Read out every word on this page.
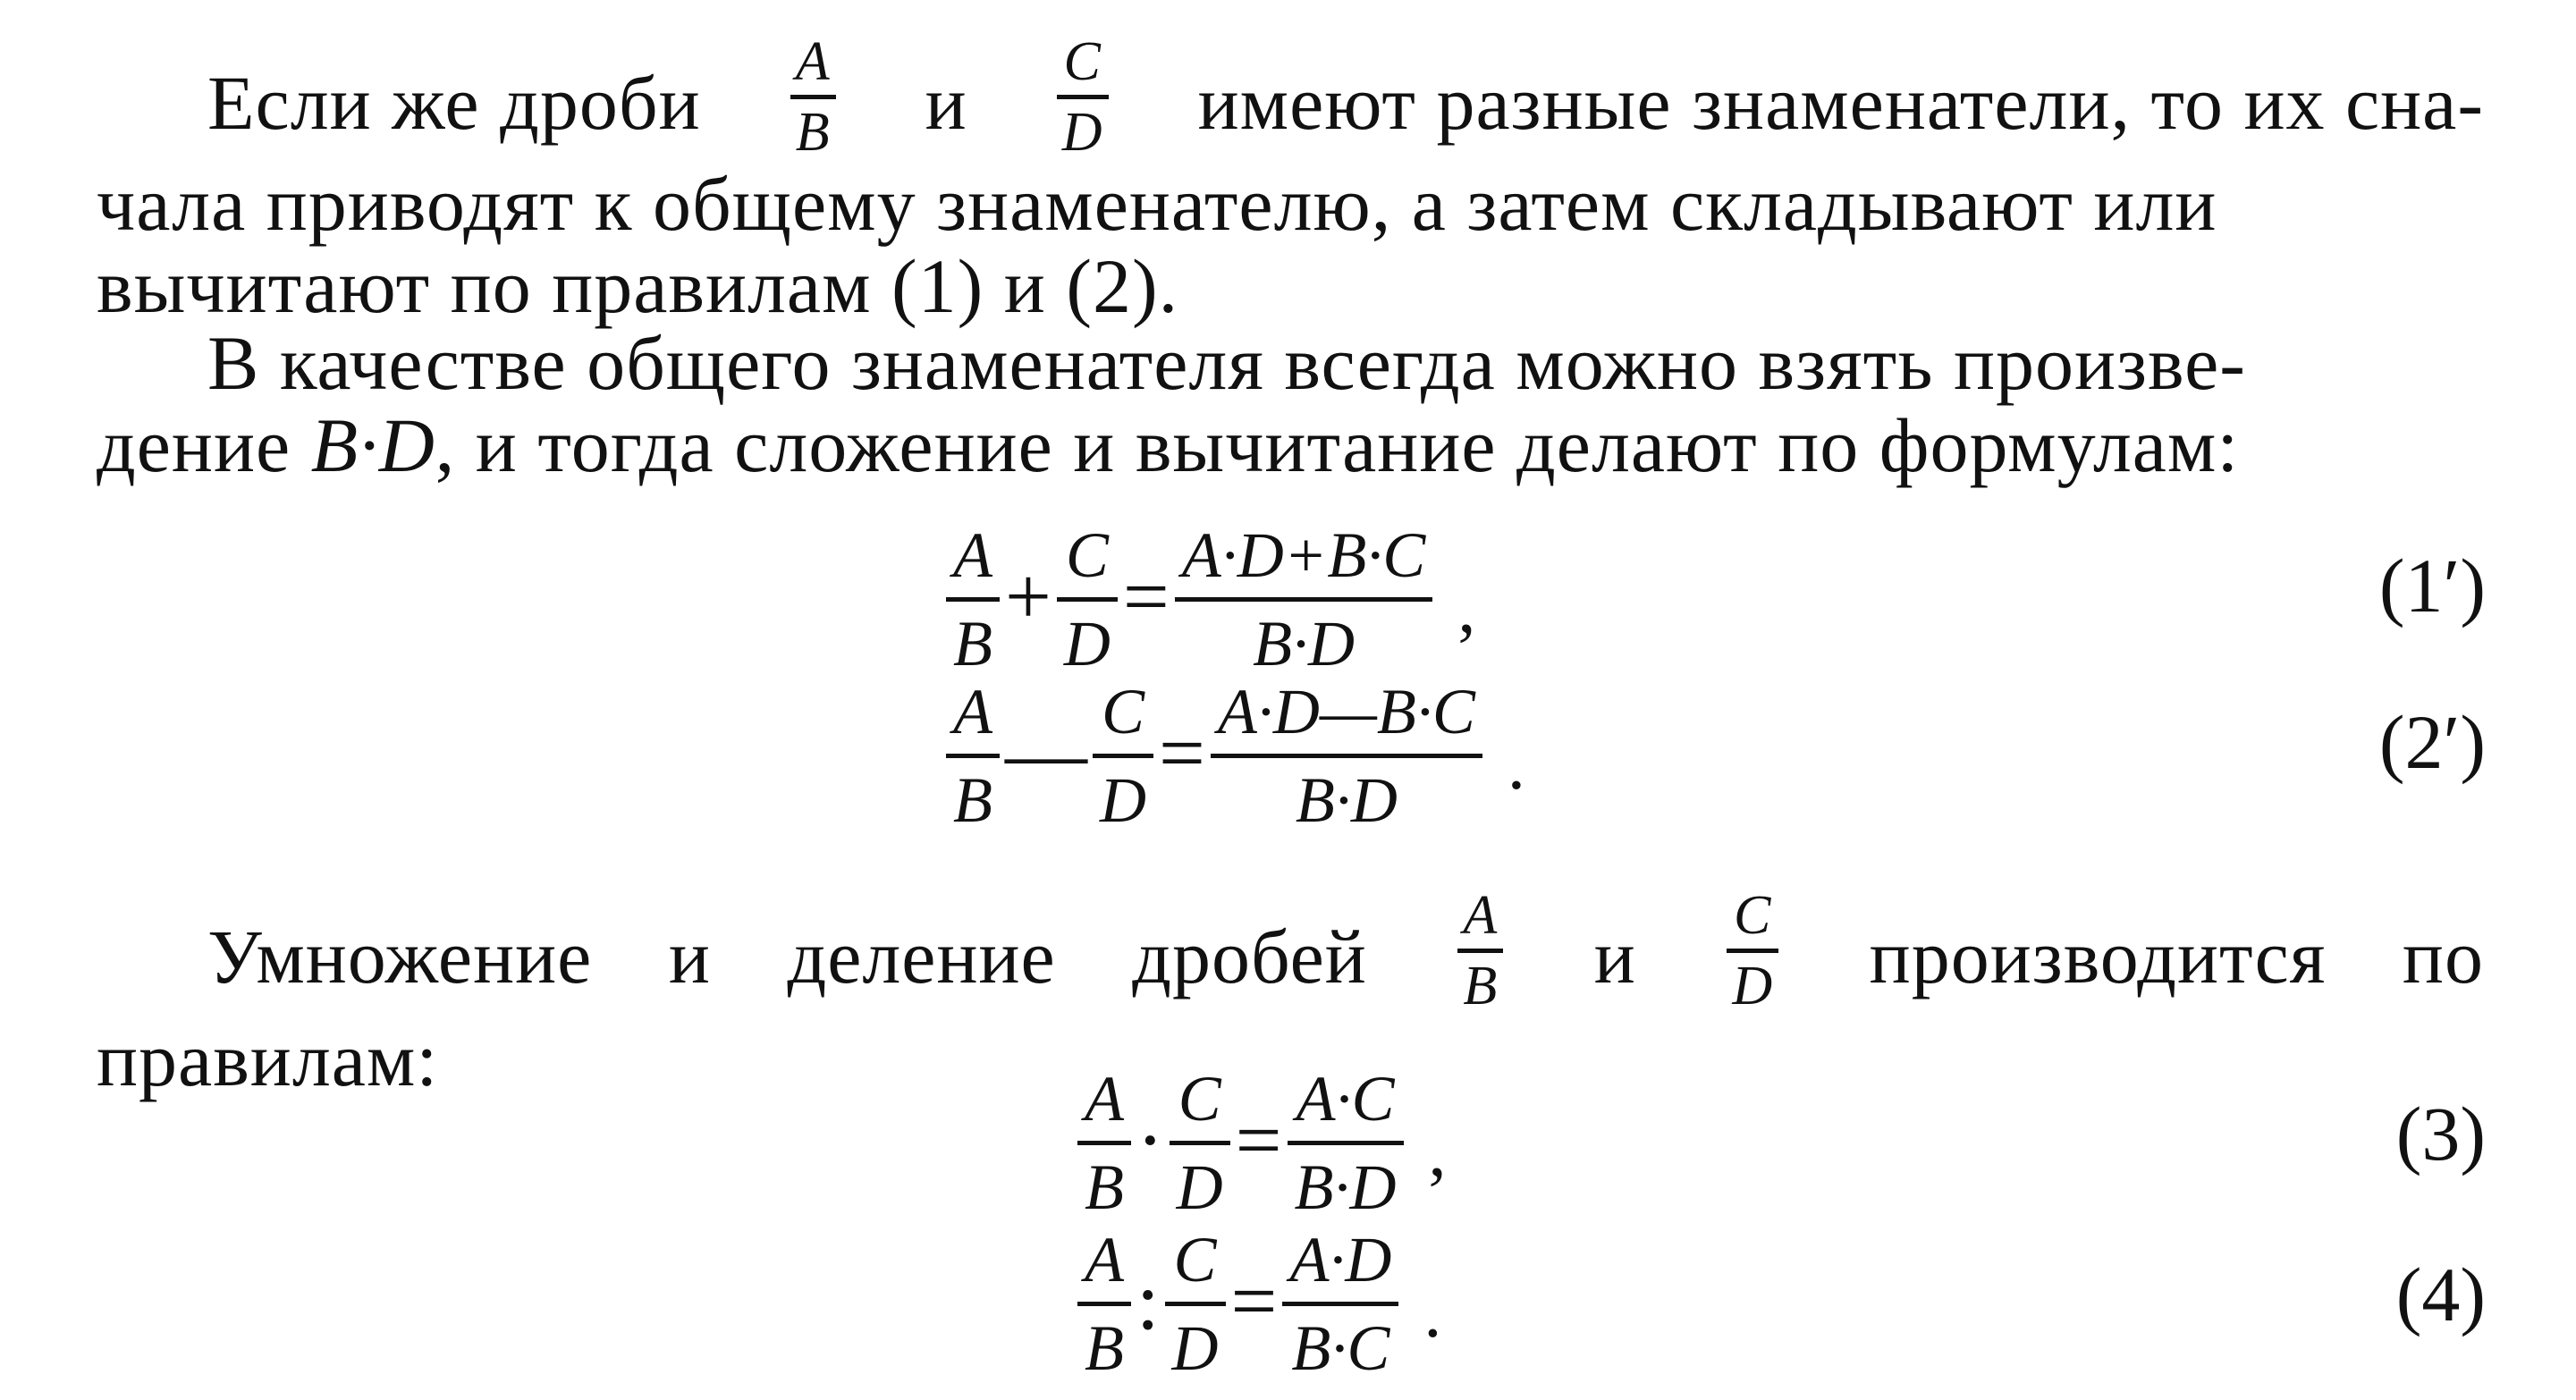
Если же дроби A
B и C
D имеют разные знаменатели, то их сна-
чала приводят к общему знаменателю, а затем складывают или
вычитают по правилам (1) и (2).
В качестве общего знаменателя всегда можно взять произве-
дение B·D, и тогда сложение и вычитание делают по формулам:
A
B
+ C
D
= A·D+B·C
B·D ,	(1′)
A
B
— C
D
= A·D—B·C
B·D .	(2′)
Умножение и деление дробей A
B и C
D производится по
правилам:	A
B
· C
D
= A·C
B·D ,	(3)
A
B
: C
D
= A·D
B·C .	(4)
